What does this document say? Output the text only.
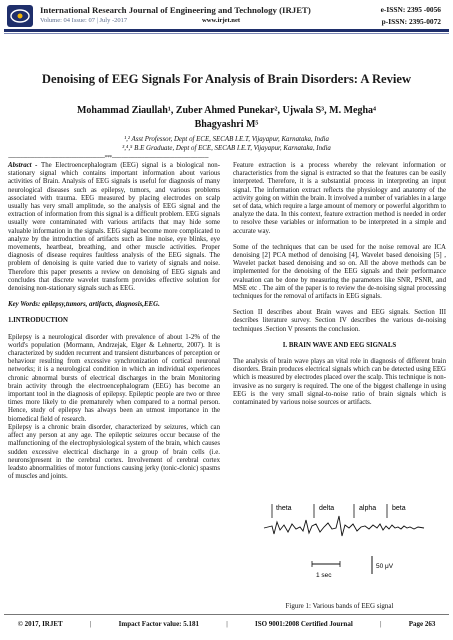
International Research Journal of Engineering and Technology (IRJET)	e-ISSN: 2395 -0056
Volume: 04 Issue: 07 | July -2017	www.irjet.net	p-ISSN: 2395-0072
Denoising of EEG Signals For Analysis of Brain Disorders: A Review
Mohammad Ziaullah¹, Zuber Ahmed Punekar², Ujwala S³, M. Megha⁴
Bhagyashri M⁵
¹,² Asst Professor, Dept of ECE, SECAB I.E.T, Vijayapur, Karnataka, India
³,⁴,⁵ B.E Graduate, Dept of ECE, SECAB I.E.T, Vijayapur, Karnataka, India
---------------------------------------------------------------------***---------------------------------------------------------------------

Abstract - The Electroencephalogram (EEG) signal is a biological non-stationary signal which contains important information about various activities of Brain. Analysis of EEG signals is useful for diagnosis of many neurological diseases such as epilepsy, tumors, and various problems associated with trauma. EEG measured by placing electrodes on scalp usually has very small amplitude, so the analysis of EEG signal and the extraction of information from this signal is a difficult problem. EEG signals usually were contaminated with various artifacts that may hide some valuable information in the signals. EEG signal become more complicated to analyze by the introduction of artifacts such as line noise, eye blinks, eye movements, heartbeat, breathing, and other muscle activities. Proper diagnosis of disease requires faultless analysis of the EEG signals. The problem of denoising is quite varied due to variety of signals and noise. Therefore this paper presents a review on denoising of EEG signals and concludes that discrete wavelet transform provides effective solution for denoising non-stationary signals such as EEG.

Key Words: epilepsy,tumors, artifacts, diagnosis,EEG.

1.INTRODUCTION

Epilepsy is a neurological disorder with prevalence of about 1-2% of the world's population (Mormann, Andrzejak, Elger & Lehnertz, 2007). It is characterized by sudden recurrent and transient disturbances of perception or behaviour resulting from excessive synchronization of cortical neuronal networks; it is a neurological condition in which an individual experiences chronic abnormal bursts of electrical discharges in the brain Monitoring brain activity through the electroencephalogram (EEG) has become an important tool in the diagnosis of epilepsy. Epileptic people are two or three times more likely to die prematurely when compared to a normal person. Hence, study of epilepsy has always been an utmost importance in the biomedical field of research.

Epilepsy is a chronic brain disorder, characterized by seizures, which can affect any person at any age. The epileptic seizures occur because of the malfunctioning of the electrophysiological system of the brain, which causes sudden excessive electrical discharge in a group of brain cells (i.e. neurons)present in the cerebral cortex. Involvement of cerebral cortex leadsto abnormalities of motor functions causing jerky (tonic-clonic) spasms of muscles and joints.

Feature extraction is a process whereby the relevant information or characteristics from the signal is extracted so that the features can be easily interpreted. Therefore, it is a substantial process in interpreting an input signal. The information extract reflects the physiology and anatomy of the activity going on within the brain. It involved a number of variables in a large set of data, which require a large amount of memory or powerful algorithm to analyze the data. In this context, feature extraction method is needed in order to resolve these variables or information to be interpreted in a simple and accurate way.

Some of the techniques that can be used for the noise removal are ICA denoising [2] PCA method of denoising [4], Wavelet based denoising [5] , Wavelet packet based denoising and so on. All the above methods can be implemented for the denoising of the EEG signals and their performance evaluation can be done by measuring the parameters like SNR, PSNR, and MSE etc . The aim of the paper is to review the de-noising signal processing techniques for the removal of artifacts in EEG signals.

Section II describes about Brain waves and EEG signals. Section III describes literature survey. Section IV describes the various de-noising techniques .Section V presents the conclusion.

I. BRAIN WAVE AND EEG SIGNALS

The analysis of brain wave plays an vital role in diagnosis of different brain disorders. Brain produces electrical signals which can be detected using EEG which is measured by electrodes placed over the scalp. This technique is non-invasive as no surgery is required. The one of the biggest challenge in using EEG is the very small signal-to-noise ratio of brain signals which is contaminated by various noise sources or artifacts.

theta	delta	alpha beta
1 sec
50 μV
Figure 1: Various bands of EEG signal
© 2017, IRJET	|	Impact Factor value: 5.181	|	ISO 9001:2008 Certified Journal	|	Page 263
